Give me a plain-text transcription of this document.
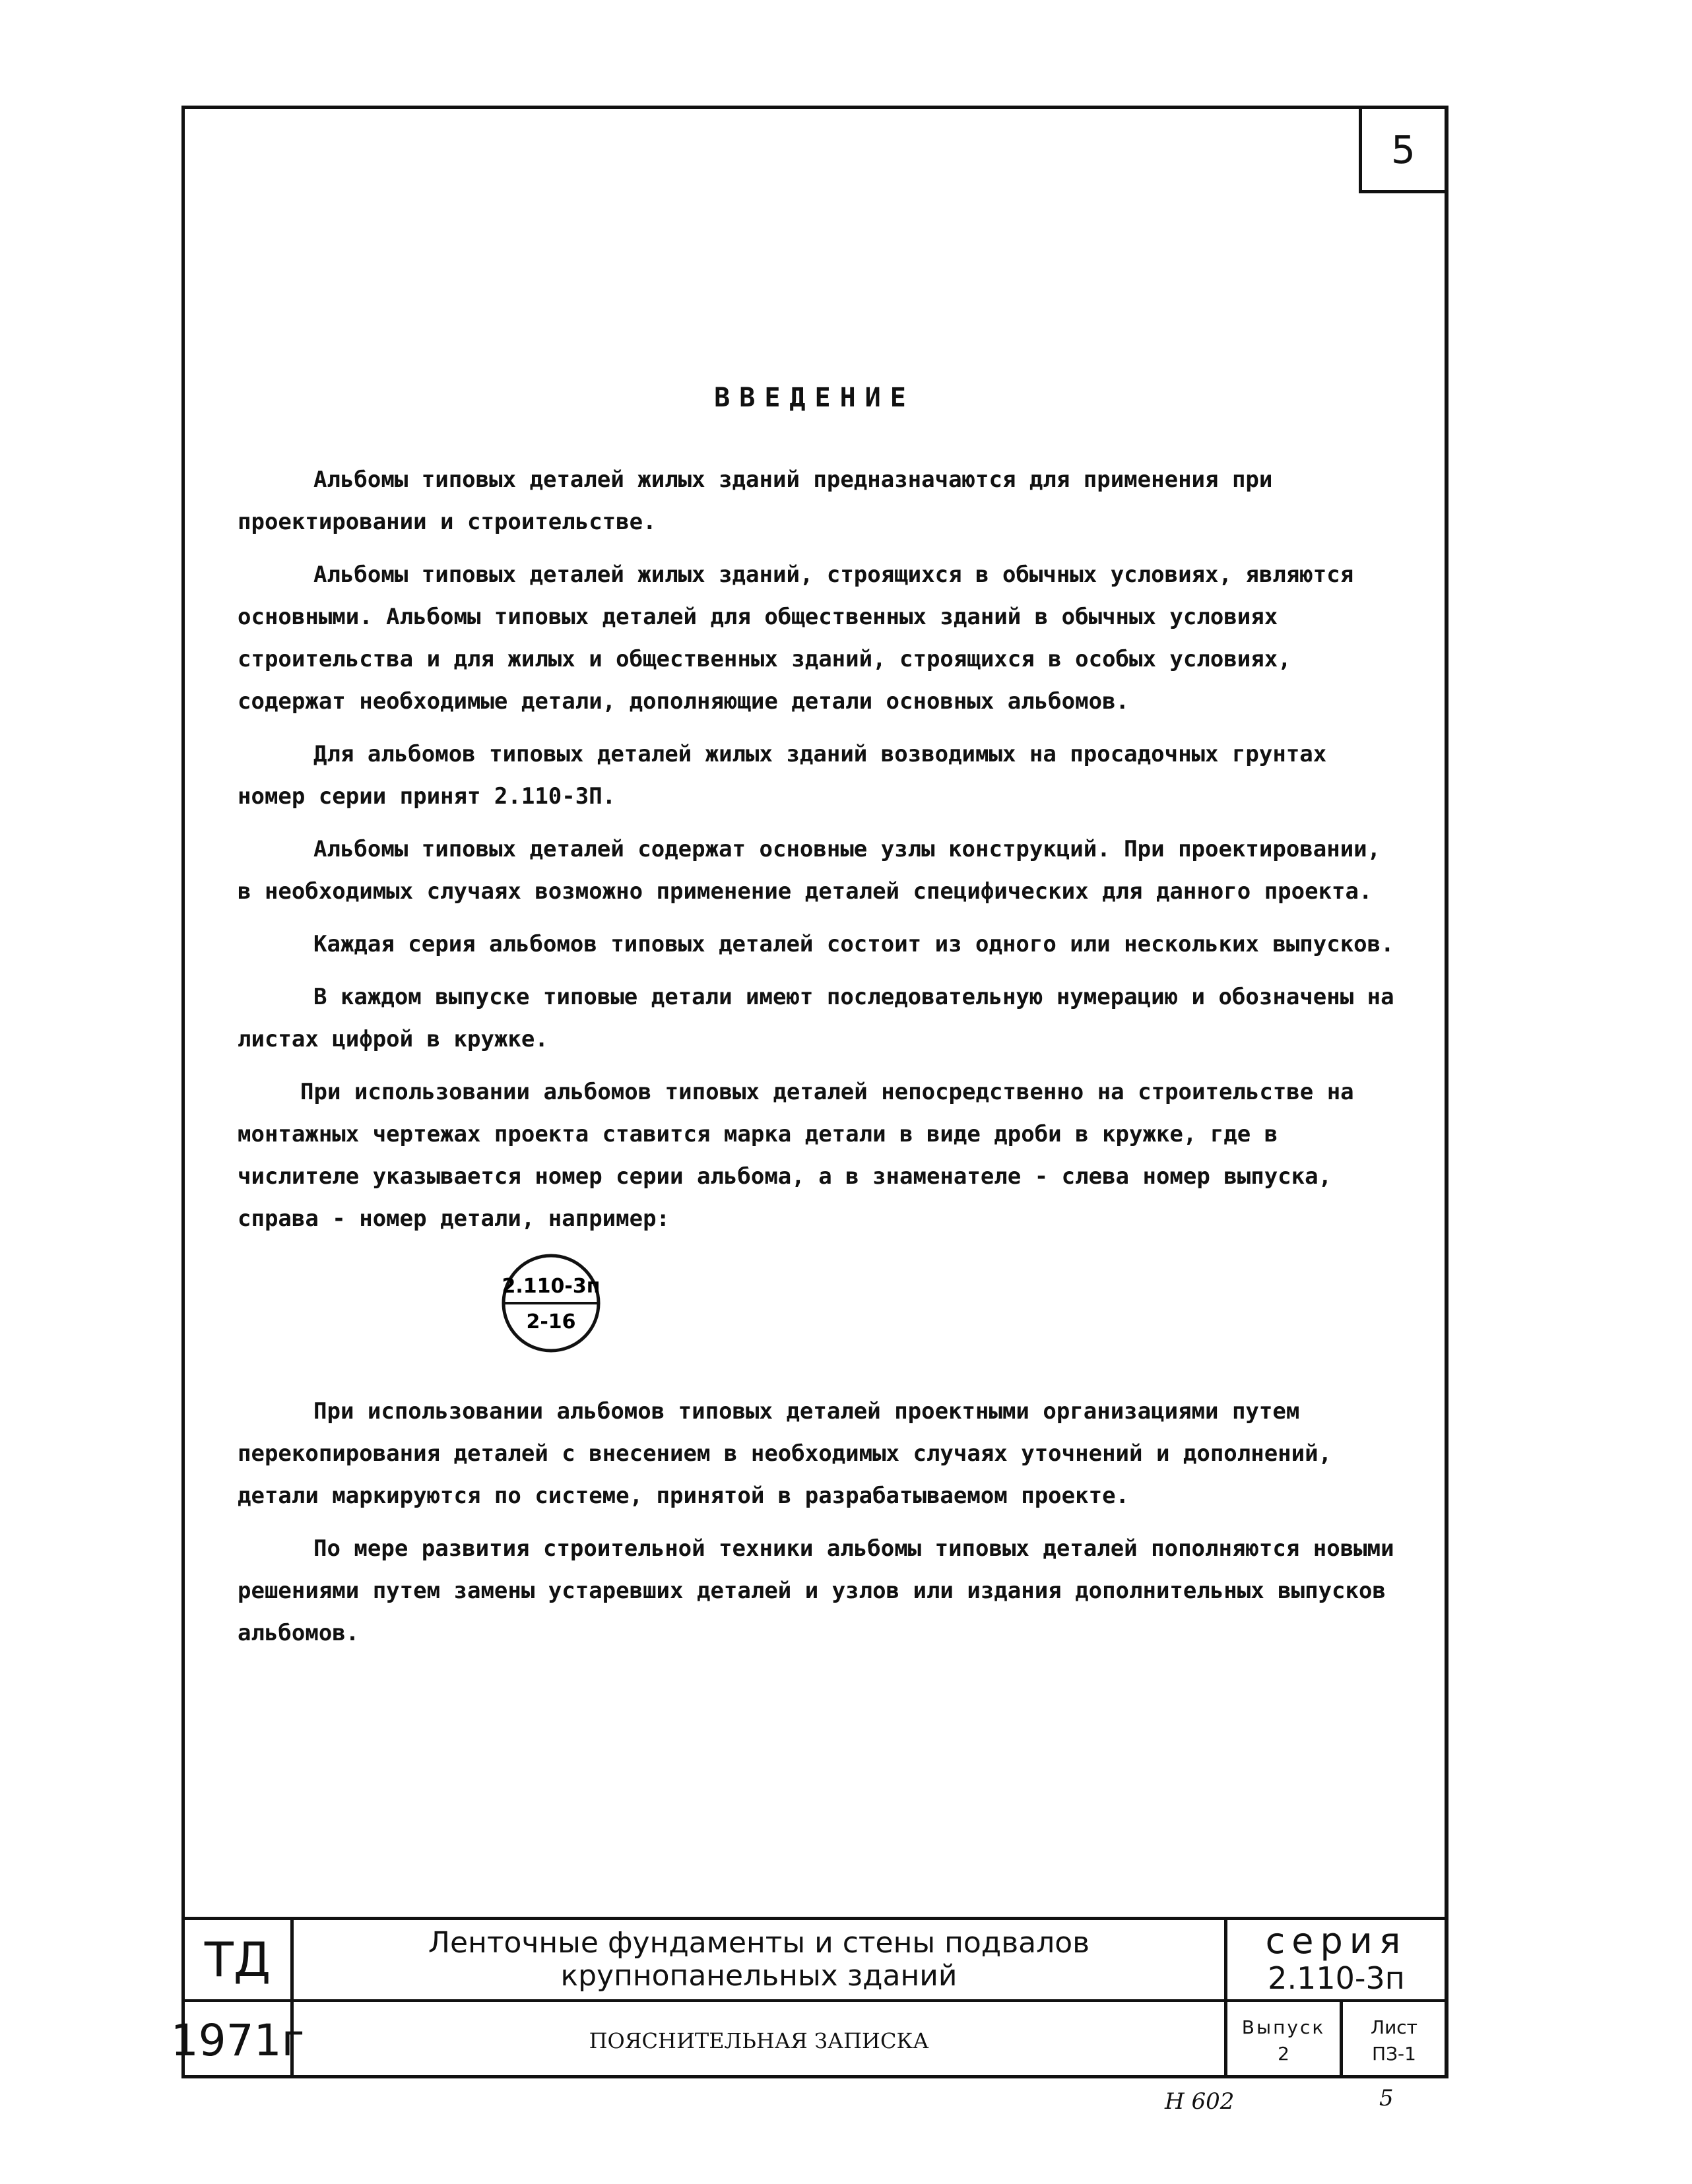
5
ВВЕДЕНИЕ

Альбомы типовых деталей жилых зданий предназначаются для применения при проектировании и строительстве.

Альбомы типовых деталей жилых зданий, строящихся в обычных условиях, являются основными. Альбомы типовых деталей для общественных зданий в обычных условиях строительства и для жилых и общественных зданий, строящихся в особых условиях, содержат необходимые детали, дополняющие детали основных альбомов.

Для альбомов типовых деталей жилых зданий возводимых на просадочных грунтах номер серии принят 2.110-3П.

Альбомы типовых деталей содержат основные узлы конструкций. При проектировании, в необходимых случаях возможно применение деталей специфических для данного проекта.

Каждая серия альбомов типовых деталей состоит из одного или нескольких выпусков.

В каждом выпуске типовые детали имеют последовательную нумерацию и обозначены на листах цифрой в кружке.

При использовании альбомов типовых деталей непосредственно на строительстве на монтажных чертежах проекта ставится марка детали в виде дроби в кружке, где в числителе указывается номер серии альбома, а в знаменателе - слева номер выпуска, справа - номер детали, например:

2.110-3п
2-16

При использовании альбомов типовых деталей проектными организациями путем перекопирования деталей с внесением в необходимых случаях уточнений и дополнений, детали маркируются по системе, принятой в разрабатываемом проекте.

По мере развития строительной техники альбомы типовых деталей пополняются новыми решениями путем замены устаревших деталей и узлов или издания дополнительных выпусков альбомов.

ТД
1971г
Ленточные фундаменты и стены подвалов
крупнопанельных зданий
ПОЯСНИТЕЛЬНАЯ ЗАПИСКА
серия
2.110-3п
Выпуск
2
Лист
ПЗ-1
Н 602	5
